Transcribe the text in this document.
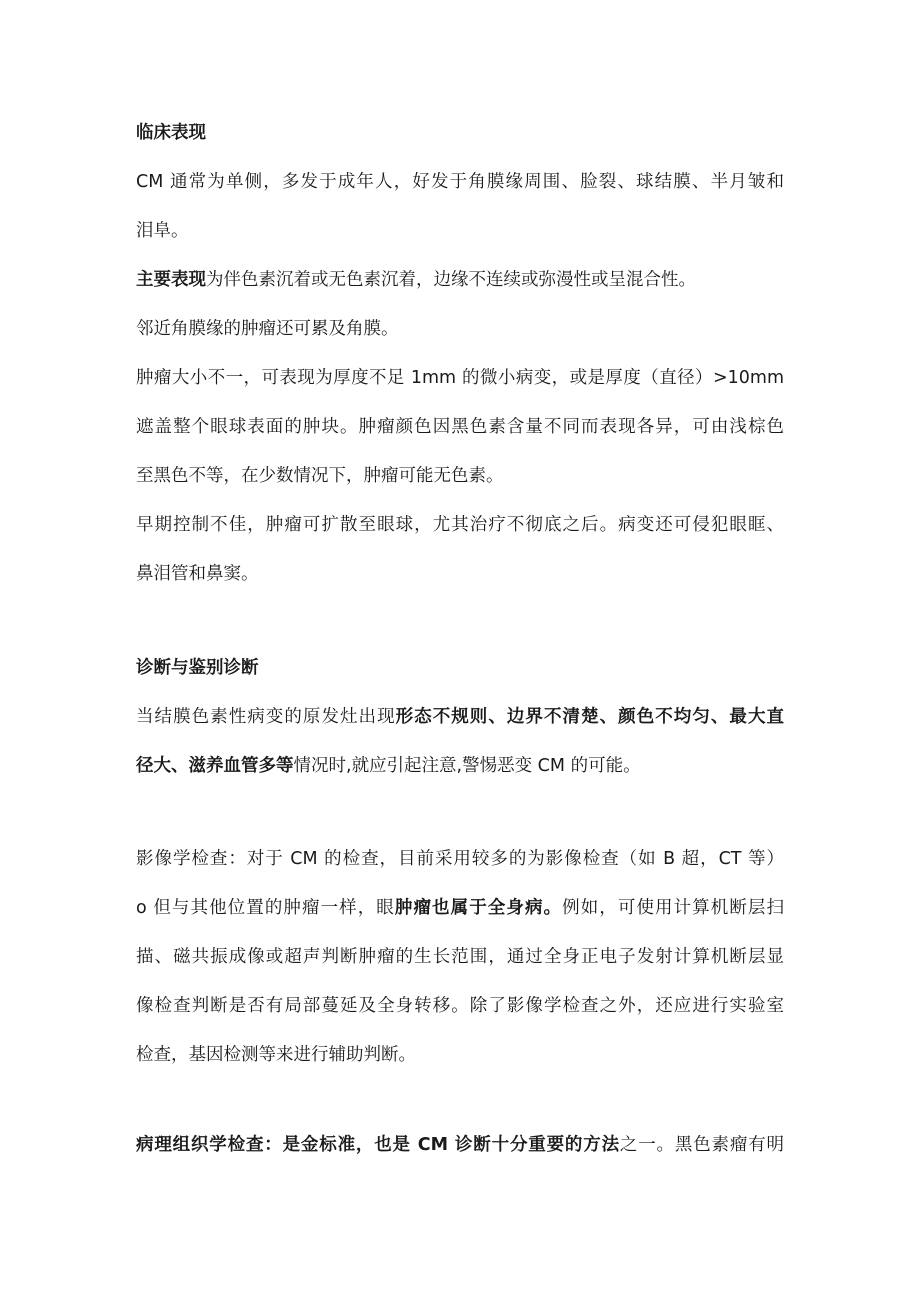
临床表现
CM 通常为单侧，多发于成年人，好发于角膜缘周围、脸裂、球结膜、半月皱和
泪阜。
主要表现为伴色素沉着或无色素沉着，边缘不连续或弥漫性或呈混合性。
邻近角膜缘的肿瘤还可累及角膜。
肿瘤大小不一，可表现为厚度不足 1mm 的微小病变，或是厚度（直径）>10mm
遮盖整个眼球表面的肿块。肿瘤颜色因黑色素含量不同而表现各异，可由浅棕色
至黑色不等，在少数情况下，肿瘤可能无色素。
早期控制不佳，肿瘤可扩散至眼球，尤其治疗不彻底之后。病变还可侵犯眼眶、
鼻泪管和鼻窦。
诊断与鉴别诊断
当结膜色素性病变的原发灶出现形态不规则、边界不清楚、颜色不均匀、最大直
径大、滋养血管多等情况时,就应引起注意,警惕恶变 CM 的可能。
影像学检查：对于 CM 的检查，目前采用较多的为影像检查（如 B 超，CT 等）
o 但与其他位置的肿瘤一样，眼肿瘤也属于全身病。例如，可使用计算机断层扫
描、磁共振成像或超声判断肿瘤的生长范围，通过全身正电子发射计算机断层显
像检查判断是否有局部蔓延及全身转移。除了影像学检查之外，还应进行实验室
检查，基因检测等来进行辅助判断。
病理组织学检查：是金标准，也是 CM 诊断十分重要的方法之一。黑色素瘤有明
